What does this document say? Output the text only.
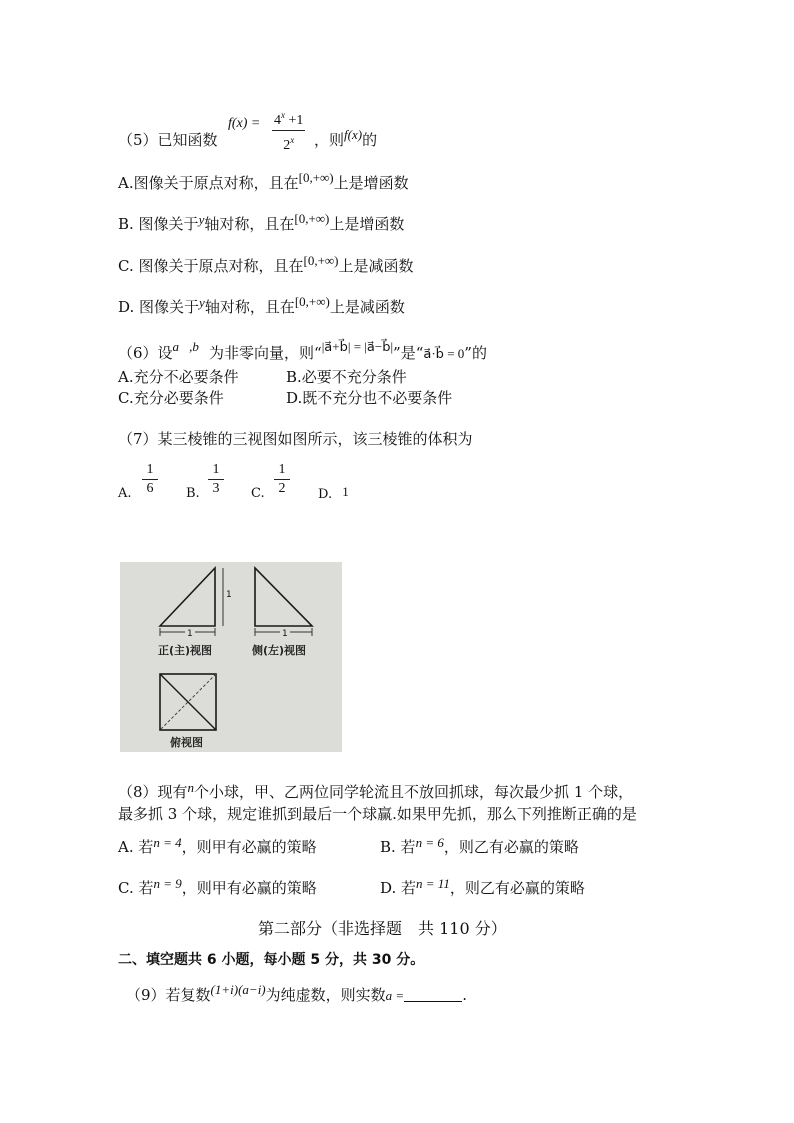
（5）已知函数
$f(x) = 4^x +1$
2$^x$	，则f(x)的
A.图像关于原点对称，且在[0,+∞)上是增函数
B. 图像关于y轴对称，且在[0,+∞)上是增函数
C. 图像关于原点对称，且在[0,+∞)上是减函数
D. 图像关于y轴对称，且在[0,+∞)上是减函数
（6）设a⃗,b⃗为非零向量，则“|a⃗+b⃗| = |a⃗−b⃗|”是“a⃗·b⃗ = 0”的
A.充分不必要条件	B.必要不充分条件
C.充分必要条件	D.既不充分也不必要条件
（7）某三棱锥的三视图如图所示，该三棱锥的体积为
A. $\frac{1}{6} B$. $\frac{1}{3} C$. $\frac{1}{2} D$. 1
1
1
1
正(主)视图	侧(左)视图
俯视图
（8）现有n个小球，甲、乙两位同学轮流且不放回抓球，每次最少抓 1 个球，
最多抓 3 个球，规定谁抓到最后一个球赢.如果甲先抓，那么下列推断正确的是
A. 若n = 4，则甲有必赢的策略	B. 若n = 6，则乙有必赢的策略
C. 若n = 9，则甲有必赢的策略	D. 若n = 11，则乙有必赢的策略
第二部分（非选择题　共 110 分）
二、填空题共 6 小题，每小题 5 分，共 30 分。
（9）若复数(1+i)(a−i)为纯虚数，则实数a =	.
